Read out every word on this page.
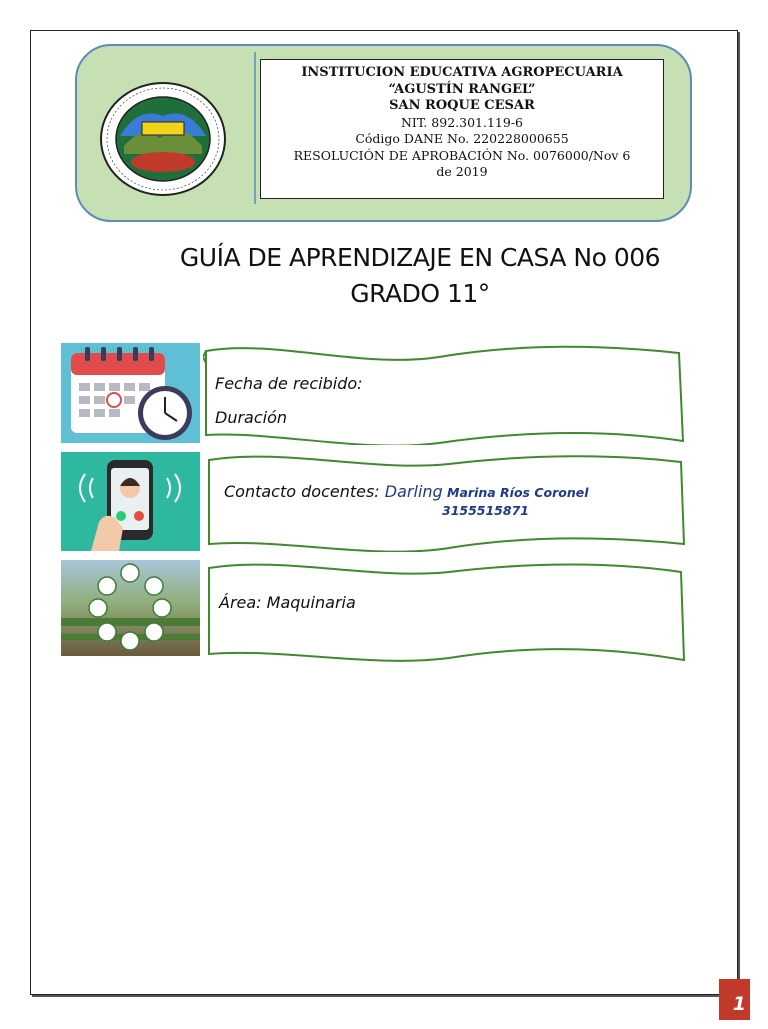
INSTITUCION EDUCATIVA AGROPECUARIA
“AGUSTÍN RANGEL”
SAN ROQUE CESAR
NIT. 892.301.119-6
Código DANE No. 220228000655
RESOLUCIÓN DE APROBACIÓN No. 0076000/Nov 6
de 2019
GUÍA DE APRENDIZAJE EN CASA No 006
GRADO 11°
Fecha de recibido:
Duración
Contacto docentes: Darling Marina Ríos Coronel
3155515871
Área: Maquinaria
1
